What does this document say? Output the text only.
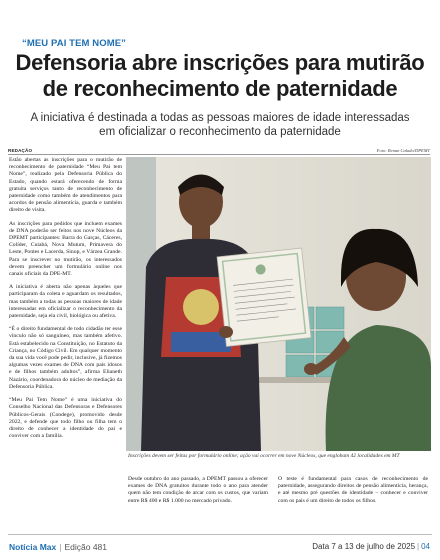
“MEU PAI TEM NOME”
Defensoria abre inscrições para mutirão
de reconhecimento de paternidade
A iniciativa é destinada a todas as pessoas maiores de idade interessadas
em oficializar o reconhecimento da paternidade
REDAÇÃO	Foto: Renan Calado/DPEMT

Estão abertas as inscrições para o mutirão de reconhecimento de paternidade “Meu Pai tem Nome”, realizado pela Defensoria Pública do Estado, quando estará oferecendo de forma gratuita serviços tanto de reconhecimento de paternidade como também de atendimentos para acordos de pensão alimentícia, guarda e também direito de visita.

As inscrições para pedidos que incluem exames de DNA poderão ser feitos nos nove Núcleos da DPEMT participantes: Barra do Garças, Cáceres, Colíder, Cuiabá, Nova Mutum, Primavera do Leste, Pontes e Lacerda, Sinop, e Várzea Grande. Para se inscrever no mutirão, os interessados devem preencher um formulário online nos canais oficiais da DPE-MT.

A iniciativa é aberta não apenas àqueles que participaram da coleta e aguardam os resultados, mas também a todas as pessoas maiores de idade interessadas em oficializar o reconhecimento da paternidade, seja ela civil, biológica ou afetiva.

“É o direito fundamental de todo cidadão ter esse vínculo não só sanguíneo, mas também afetivo. Está estabelecido na Constituição, no Estatuto da Criança, no Código Civil. Em qualquer momento da sua vida você pode pedir, inclusive, já fizemos algumas vezes exames de DNA com pais idosos e de filhos também adultos”, afirma Elianeth Nazário, coordenadora do núcleo de mediação da Defensoria Pública.

“Meu Pai Tem Nome” é uma iniciativa do Conselho Nacional das Defensoras e Defensores Públicos-Gerais (Condege), promovido desde 2022, e defende que todo filho ou filha tem o direito de conhecer a identidade do pai e conviver com a família.

Inscrições devem ser feitas por formulário online; ação vai ocorrer em nove Núcleos, que englobam 42 localidades em MT

Desde outubro do ano passado, a DPEMT passou a oferecer exames de DNA gratuitos durante todo o ano para atender quem não tem condição de arcar com os custos, que variam entre R$ 400 e R$ 1.000 no mercado privado.

O teste é fundamental para casos de reconhecimento de paternidade, assegurando direitos de pensão alimentícia, herança, e até mesmo pré questões de identidade – conhecer e conviver com os pais é um direito de todos os filhos.

Notícia Max | Edição 481	Data 7 a 13 de julho de 2025 | 04
